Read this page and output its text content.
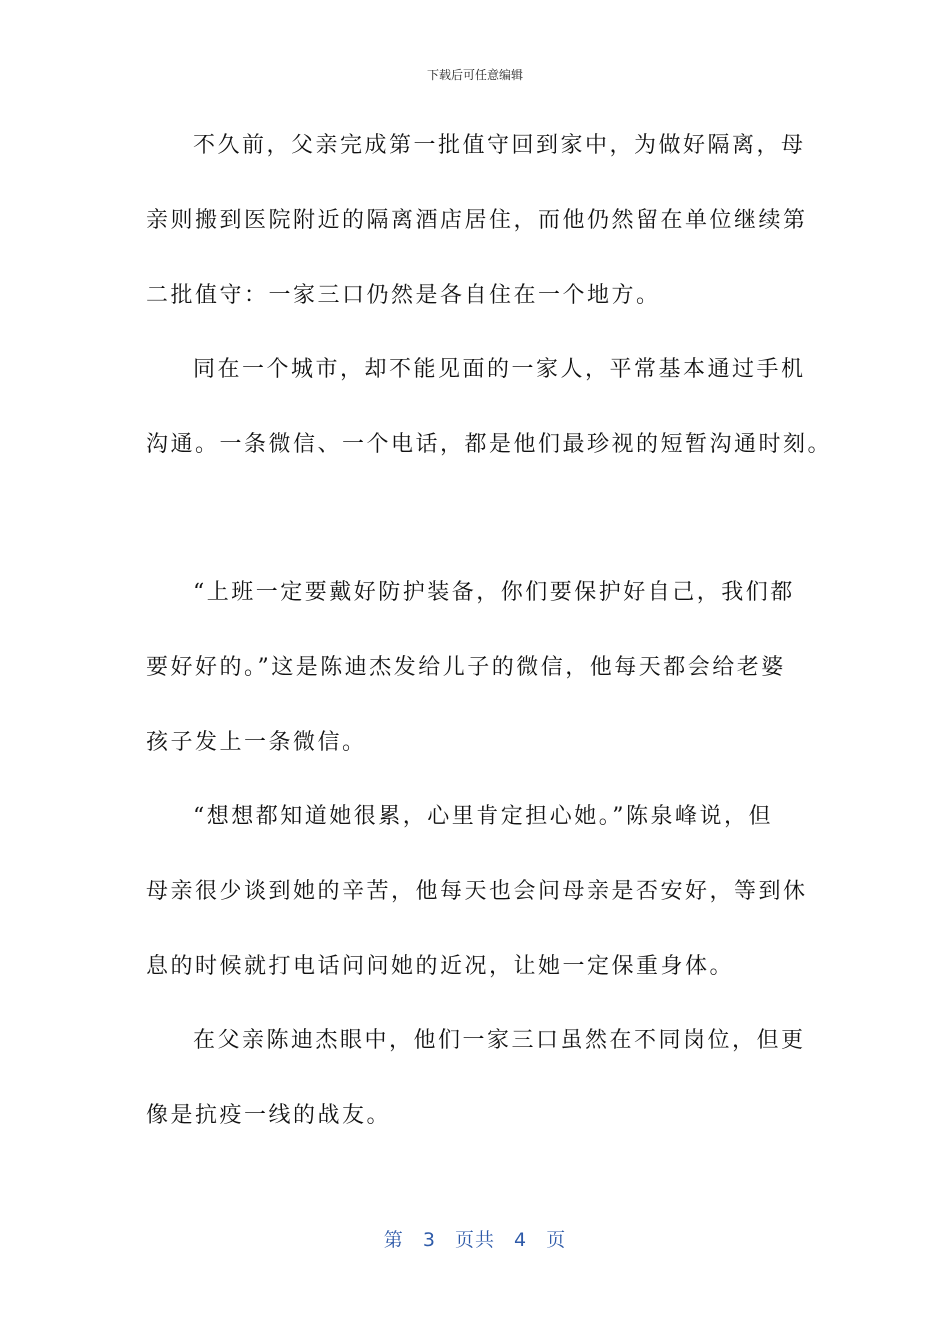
下载后可任意编辑
不久前，父亲完成第一批值守回到家中，为做好隔离，母
亲则搬到医院附近的隔离酒店居住，而他仍然留在单位继续第
二批值守：一家三口仍然是各自住在一个地方。
同在一个城市，却不能见面的一家人，平常基本通过手机
沟通。一条微信、一个电话，都是他们最珍视的短暂沟通时刻。
“上班一定要戴好防护装备，你们要保护好自己，我们都
要好好的。”这是陈迪杰发给儿子的微信，他每天都会给老婆
孩子发上一条微信。
“想想都知道她很累，心里肯定担心她。”陈泉峰说，但
母亲很少谈到她的辛苦，他每天也会问母亲是否安好，等到休
息的时候就打电话问问她的近况，让她一定保重身体。
在父亲陈迪杰眼中，他们一家三口虽然在不同岗位，但更
像是抗疫一线的战友。
第 3 页共 4 页
